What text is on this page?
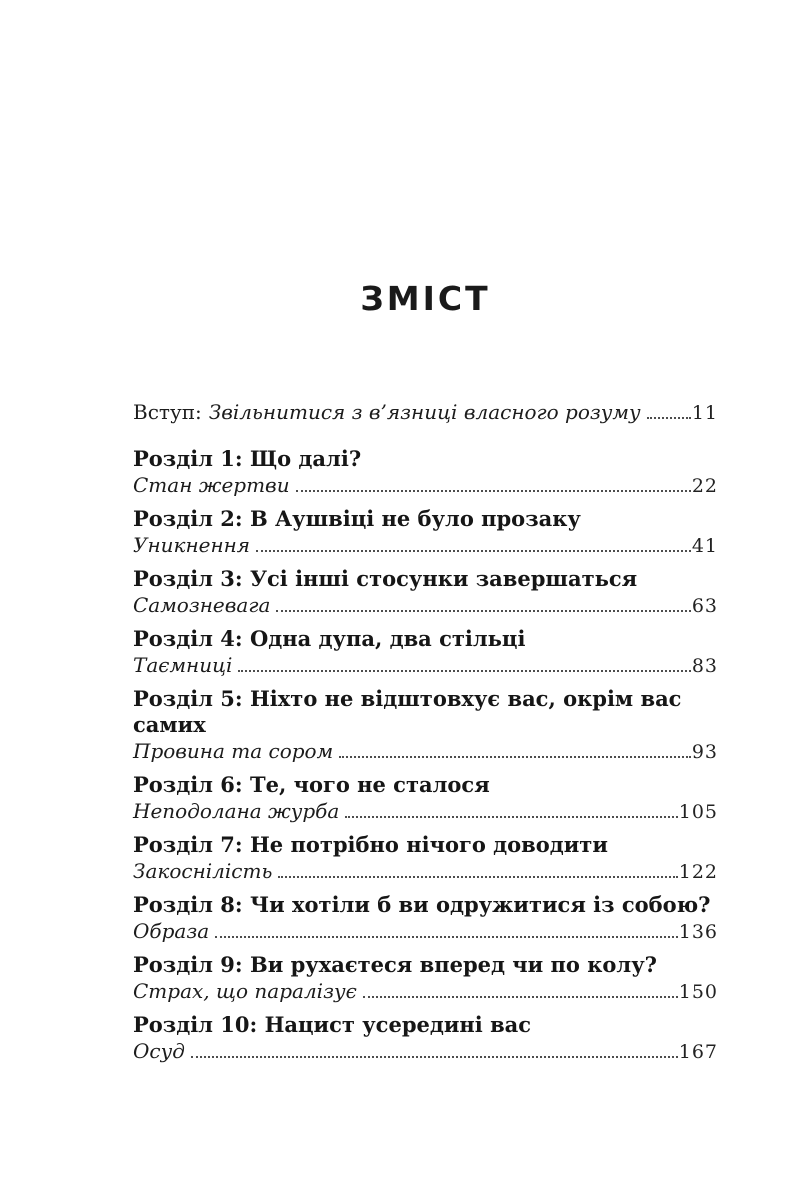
ЗМІСТ
Вступ: Звільнитися з в’язниці власного розуму	11
Розділ 1: Що далі?
Стан жертви	22
Розділ 2: В Аушвіці не було прозаку
Уникнення	41
Розділ 3: Усі інші стосунки завершаться
Самозневага	63
Розділ 4: Одна дупа, два стільці
Таємниці	83
Розділ 5: Ніхто не відштовхує вас, окрім вас самих
Провина та сором	93
Розділ 6: Те, чого не сталося
Неподолана журба	105
Розділ 7: Не потрібно нічого доводити
Закоснілість	122
Розділ 8: Чи хотіли б ви одружитися із собою?
Образа	136
Розділ 9: Ви рухаєтеся вперед чи по колу?
Страх, що паралізує	150
Розділ 10: Нацист усередині вас
Осуд	167
